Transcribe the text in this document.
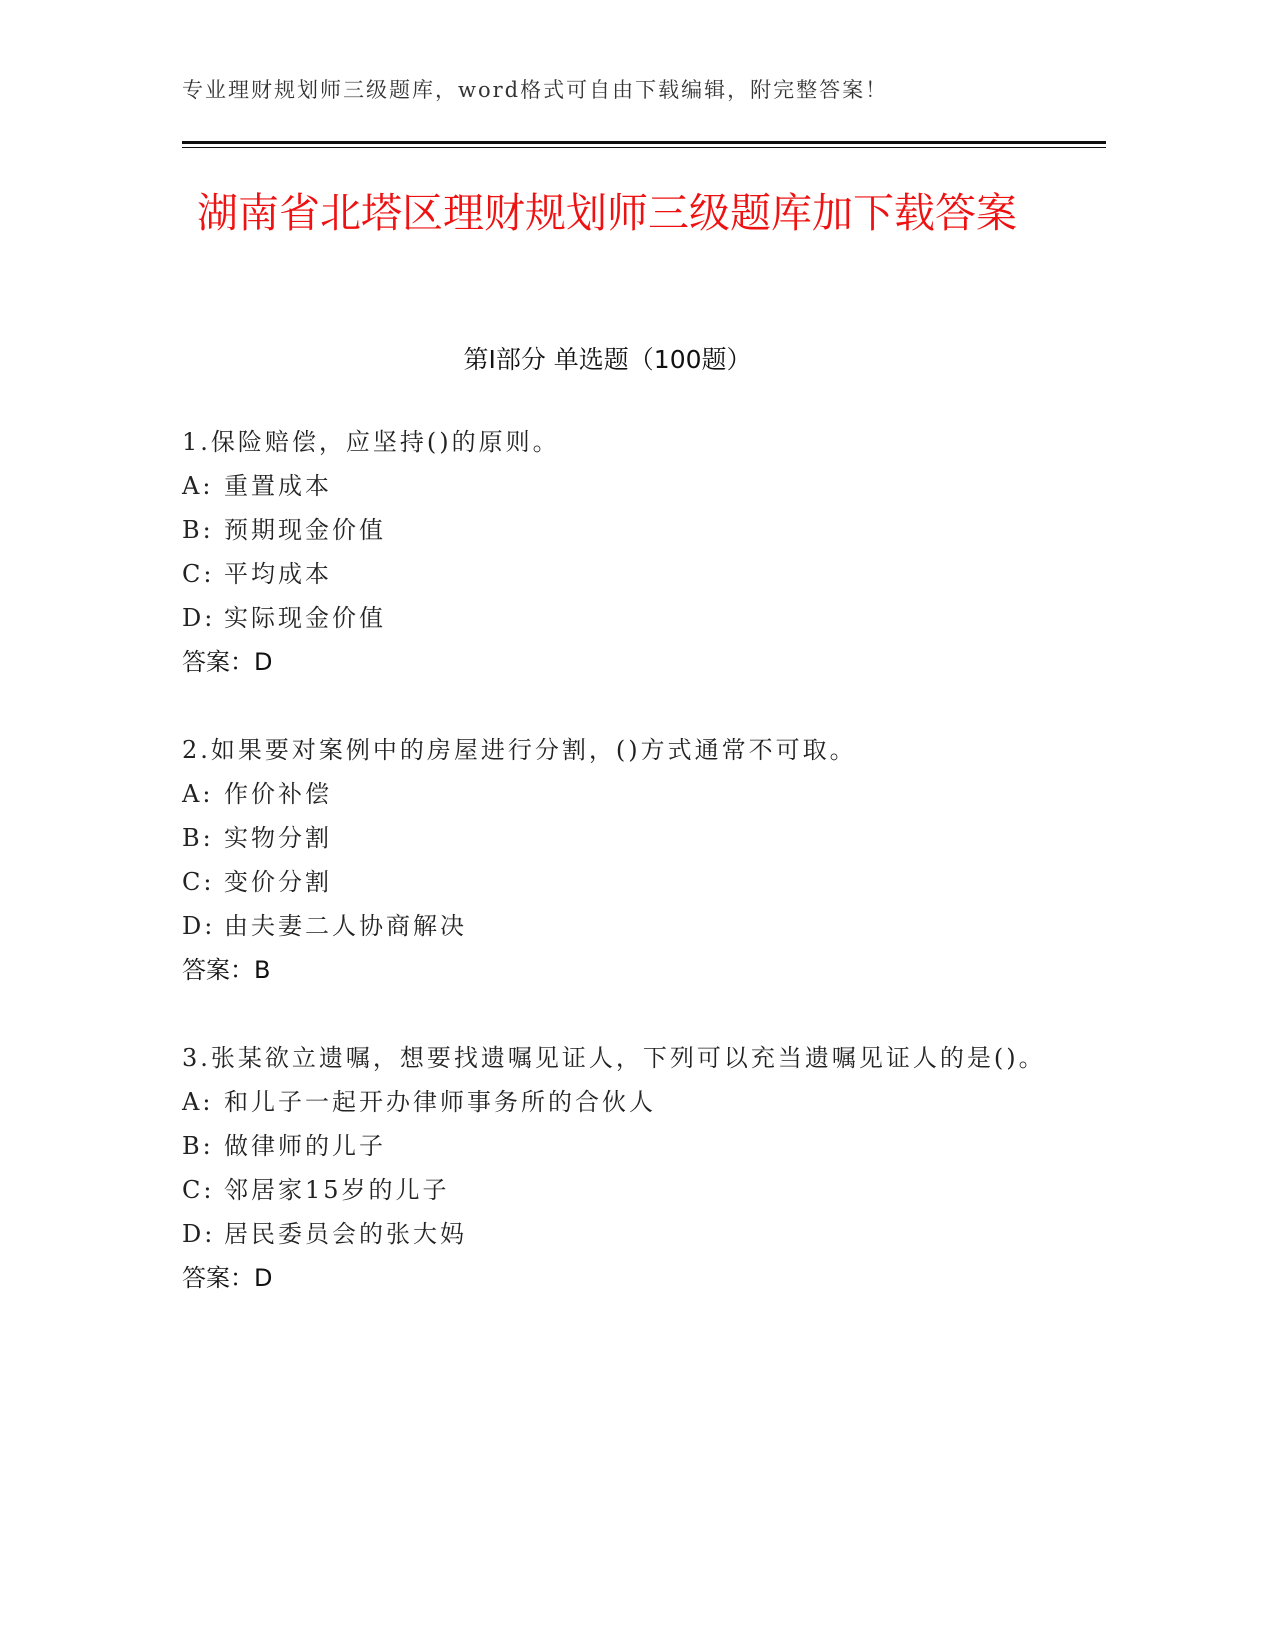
专业理财规划师三级题库，word格式可自由下载编辑，附完整答案！
湖南省北塔区理财规划师三级题库加下载答案
第Ⅰ部分 单选题（100题）
1.保险赔偿，应坚持()的原则。
A: 重置成本
B: 预期现金价值
C: 平均成本
D: 实际现金价值
答案：D
2.如果要对案例中的房屋进行分割，()方式通常不可取。
A: 作价补偿
B: 实物分割
C: 变价分割
D: 由夫妻二人协商解决
答案：B
3.张某欲立遗嘱，想要找遗嘱见证人，下列可以充当遗嘱见证人的是()。
A: 和儿子一起开办律师事务所的合伙人
B: 做律师的儿子
C: 邻居家15岁的儿子
D: 居民委员会的张大妈
答案：D
